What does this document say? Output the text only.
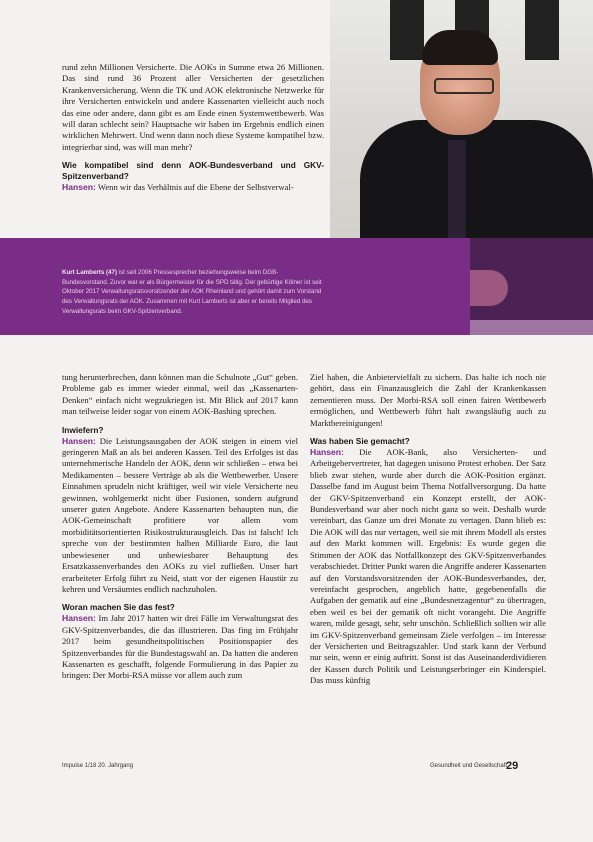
Kurt Lamberts (47) ist seit 2006 Pressesprecher beziehungsweise beim DGB-Bundesvorstand. Zuvor war er als Bürgermeister für die SPD tätig. Der gebürtige Kölner ist seit Oktober 2017 Verwaltungsratsvorsitzender der AOK Rheinland und gehört damit zum Vorstand des Verwaltungsrats der AOK. Zusammen mit Kurt Lamberts ist aber er bereits Mitglied des Verwaltungsrats beim GKV-Spitzenverband.

rund zehn Millionen Versicherte. Die AOKs in Summe etwa 26 Millionen. Das sind rund 36 Prozent aller Versicherten der gesetzlichen Krankenversicherung. Wenn die TK und AOK elektronische Netzwerke für ihre Versicherten entwickeln und andere Kassenarten vielleicht auch noch das eine oder andere, dann gibt es am Ende einen Systemwettbewerb. Was will daran schlecht sein? Hauptsache wir haben im Ergebnis endlich einen wirklichen Mehrwert. Und wenn dann noch diese Systeme kompatibel bzw. integrierbar sind, was will man mehr?

Wie kompatibel sind denn AOK-Bundesverband und GKV-Spitzenverband?

Hansen: Wenn wir das Verhältnis auf die Ebene der Selbstverwal-

tung herunterbrechen, dann können man die Schulnote „Gut“ geben. Probleme gab es immer wieder einmal, weil das „Kassenarten-Denken“ einfach nicht wegzukriegen ist. Mit Blick auf 2017 kann man teilweise leider sogar von einem AOK-Bashing sprechen.

Inwiefern?

Hansen: Die Leistungsausgaben der AOK steigen in einem viel geringeren Maß an als bei anderen Kassen. Teil des Erfolges ist das unternehmerische Handeln der AOK, denn wir schließen – etwa bei Medikamenten – bessere Verträge ab als die Wettbewerber. Unsere Einnahmen sprudeln nicht kräftiger, weil wir viele Versicherte neu gewinnen, wohlgemerkt nicht über Fusionen, sondern aufgrund unserer guten Angebote. Andere Kassenarten behaupten nun, die AOK-Gemeinschaft profitiere vor allem vom morbiditätsorientierten Risikostrukturausgleich. Das ist falsch! Ich spreche von der bestimmten halben Milliarde Euro, die laut unbewiesener und unbewiesbarer Behauptung des Ersatzkassenverbandes den AOKs zu viel zufließen. Unser hart erarbeiteter Erfolg führt zu Neid, statt vor der eigenen Haustür zu kehren und Versäumtes endlich nachzuholen.

Woran machen Sie das fest?

Hansen: Im Jahr 2017 hatten wir drei Fälle im Verwaltungsrat des GKV-Spitzenverbandes, die das illustrieren. Das fing im Frühjahr 2017 beim gesundheitspolitischen Positionspapier des Spitzenverbandes für die Bundestagswahl an. Da hatten die anderen Kassenarten es geschafft, folgende Formulierung in das Papier zu bringen: Der Morbi-RSA müsse vor allem auch zum

Ziel haben, die Anbietervielfalt zu sichern. Das halte ich noch nie gehört, dass ein Finanzausgleich die Zahl der Krankenkassen zementieren muss. Der Morbi-RSA soll einen fairen Wettbewerb ermöglichen, und Wettbewerb führt halt zwangsläufig auch zu Marktbereinigungen!

Was haben Sie gemacht?

Hansen: Die AOK-Bank, also Versicherten- und Arbeitgebervertreter, hat dagegen unisono Protest erhoben. Der Satz blieb zwar stehen, wurde aber durch die AOK-Position ergänzt. Dasselbe fand im August beim Thema Notfallversorgung. Da hatte der GKV-Spitzenverband ein Konzept erstellt, der AOK-Bundesverband war aber noch nicht ganz so weit. Deshalb wurde vereinbart, das Ganze um drei Monate zu vertagen. Dann blieb es: Die AOK will das nur vertagen, weil sie mit ihrem Modell als erstes auf den Markt kommen will. Ergebnis: Es wurde gegen die Stimmen der AOK das Notfallkonzept des GKV-Spitzenverbandes verabschiedet. Dritter Punkt waren die Angriffe anderer Kassenarten auf den Vorstandsvorsitzenden der AOK-Bundesverbandes, der, vereinfacht gesprochen, angeblich hatte, gegebenenfalls die Aufgaben der gematik auf eine „Bundesnetzagentur“ zu übertragen, eben weil es bei der gematik oft nicht vorangeht. Die Angriffe waren, milde gesagt, sehr, sehr unschön. Schließlich sollten wir alle im GKV-Spitzenverband gemeinsam Ziele verfolgen – im Interesse der Versicherten und Beitragszahler. Und stark kann der Verbund nur sein, wenn er einig auftritt. Sonst ist das Auseinanderdividieren der Kassen durch Politik und Leistungserbringer ein Kinderspiel. Das muss künftig

Impulse 1/18 20. Jahrgang	Gesundheit und Gesellschaft
29
